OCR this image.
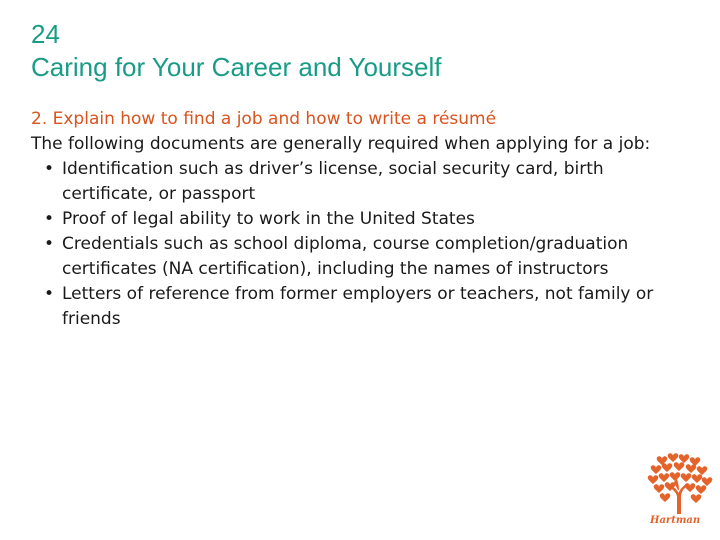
24
Caring for Your Career and Yourself
2. Explain how to find a job and how to write a résumé

The following documents are generally required when applying for a job:

• Identification such as driver’s license, social security card, birth certificate, or passport
• Proof of legal ability to work in the United States
• Credentials such as school diploma, course completion/graduation certificates (NA certification), including the names of instructors
• Letters of reference from former employers or teachers, not family or friends
Hartman
